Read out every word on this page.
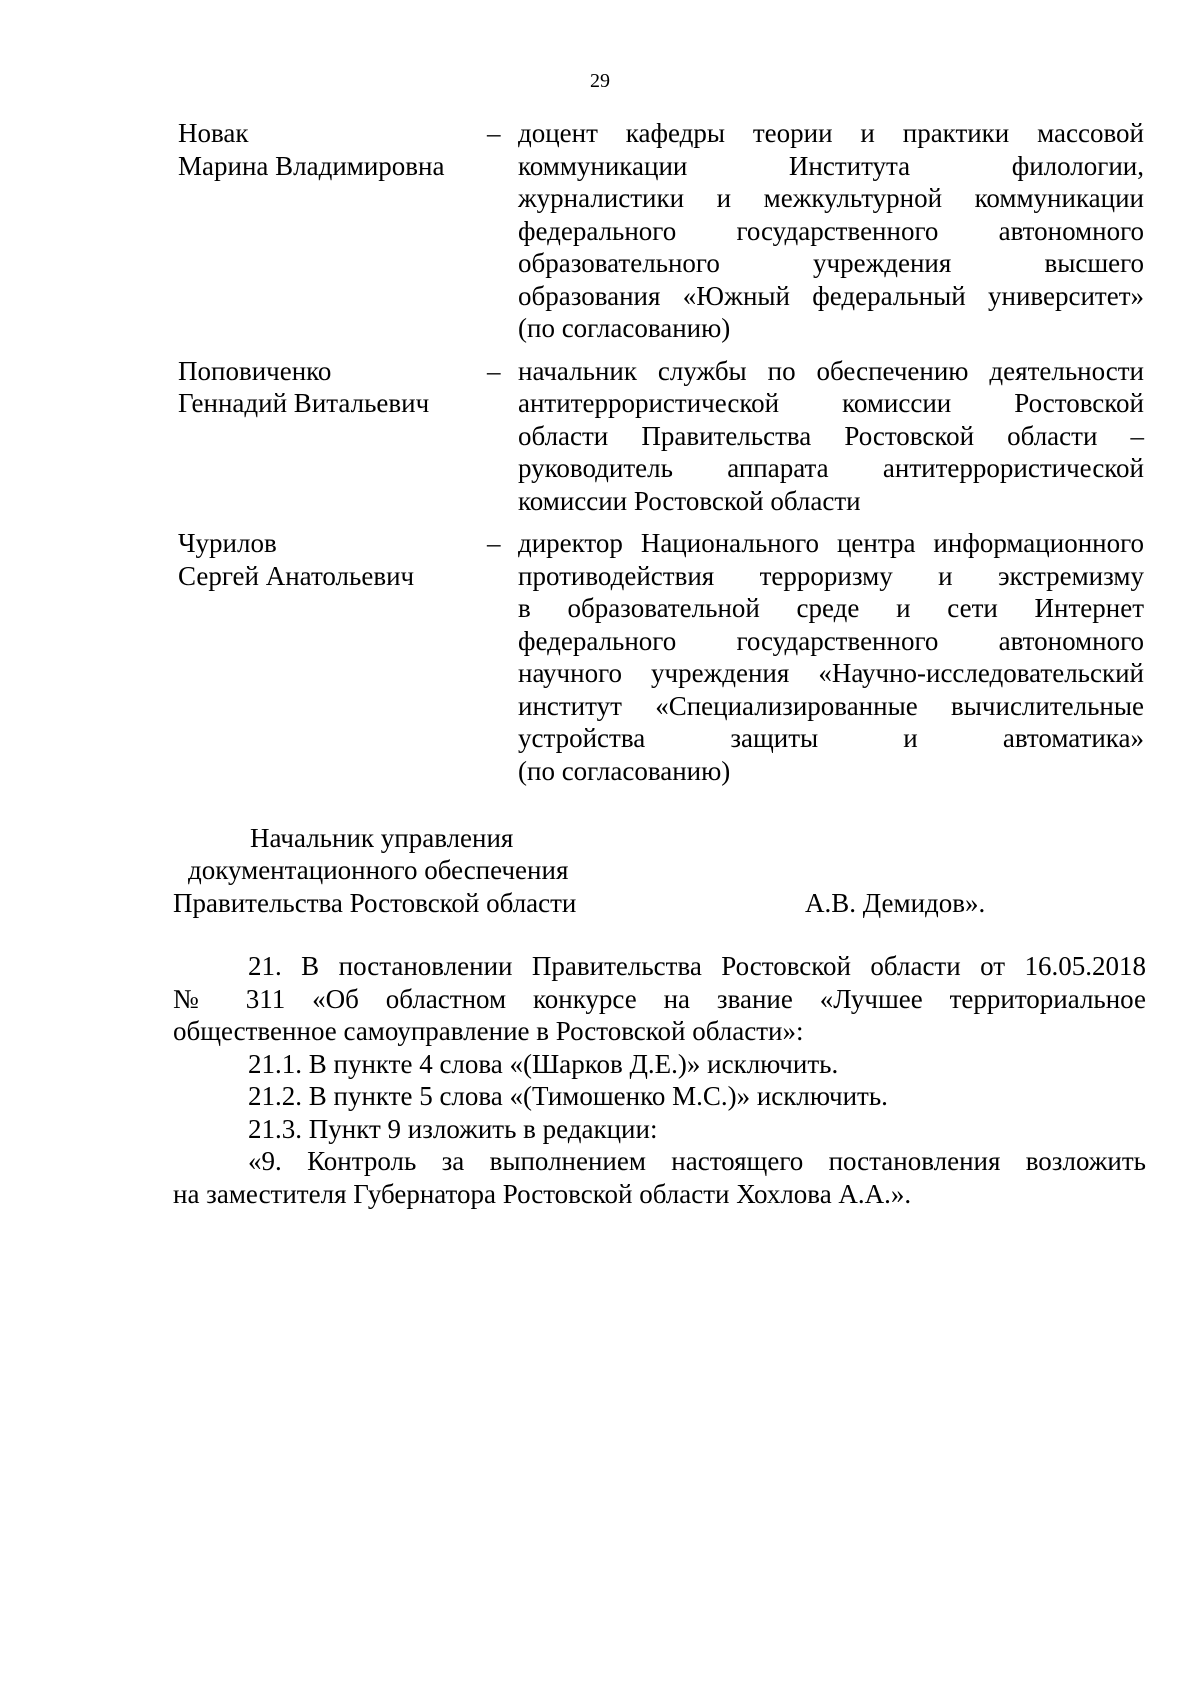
29
Новак
Марина Владимировна
– доцент кафедры теории и практики массовой
коммуникации Института филологии,
журналистики и межкультурной коммуникации
федерального государственного автономного
образовательного учреждения высшего
образования «Южный федеральный университет»
(по согласованию)
Поповиченко
Геннадий Витальевич
– начальник службы по обеспечению деятельности
антитеррористической комиссии Ростовской
области Правительства Ростовской области –
руководитель аппарата антитеррористической
комиссии Ростовской области
Чурилов
Сергей Анатольевич
– директор Национального центра информационного
противодействия терроризму и экстремизму
в образовательной среде и сети Интернет
федерального государственного автономного
научного учреждения «Научно-исследовательский
институт «Специализированные вычислительные
устройства защиты и автоматика»
(по согласованию)
Начальник управления
документационного обеспечения
Правительства Ростовской области	А.В. Демидов».
21. В постановлении Правительства Ростовской области от 16.05.2018
№ 311 «Об областном конкурсе на звание «Лучшее территориальное
общественное самоуправление в Ростовской области»:
21.1. В пункте 4 слова «(Шарков Д.Е.)» исключить.
21.2. В пункте 5 слова «(Тимошенко М.С.)» исключить.
21.3. Пункт 9 изложить в редакции:
«9. Контроль за выполнением настоящего постановления возложить
на заместителя Губернатора Ростовской области Хохлова А.А.».
